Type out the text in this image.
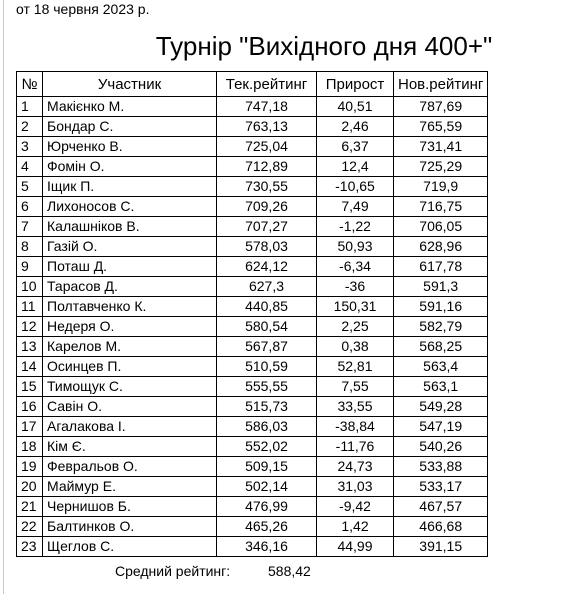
от 18 червня 2023 р.
Турнір "Вихідного дня 400+"
№	Участник	Тек.рейтинг	Прирост	Нов.рейтинг
1	Макієнко М.	747,18	40,51	787,69
2	Бондар С.	763,13	2,46	765,59
3	Юрченко В.	725,04	6,37	731,41
4	Фомін О.	712,89	12,4	725,29
5	Іщик П.	730,55	-10,65	719,9
6	Лихоносов С.	709,26	7,49	716,75
7	Калашніков В.	707,27	-1,22	706,05
8	Газій О.	578,03	50,93	628,96
9	Поташ Д.	624,12	-6,34	617,78
10	Тарасов Д.	627,3	-36	591,3
11	Полтавченко К.	440,85	150,31	591,16
12	Недеря О.	580,54	2,25	582,79
13	Карелов М.	567,87	0,38	568,25
14	Осинцев П.	510,59	52,81	563,4
15	Тимощук С.	555,55	7,55	563,1
16	Савін О.	515,73	33,55	549,28
17	Агалакова І.	586,03	-38,84	547,19
18	Кім Є.	552,02	-11,76	540,26
19	Февральов О.	509,15	24,73	533,88
20	Маймур Е.	502,14	31,03	533,17
21	Чернишов Б.	476,99	-9,42	467,57
22	Балтинков О.	465,26	1,42	466,68
23	Щеглов С.	346,16	44,99	391,15
Средний рейтинг:	588,42
